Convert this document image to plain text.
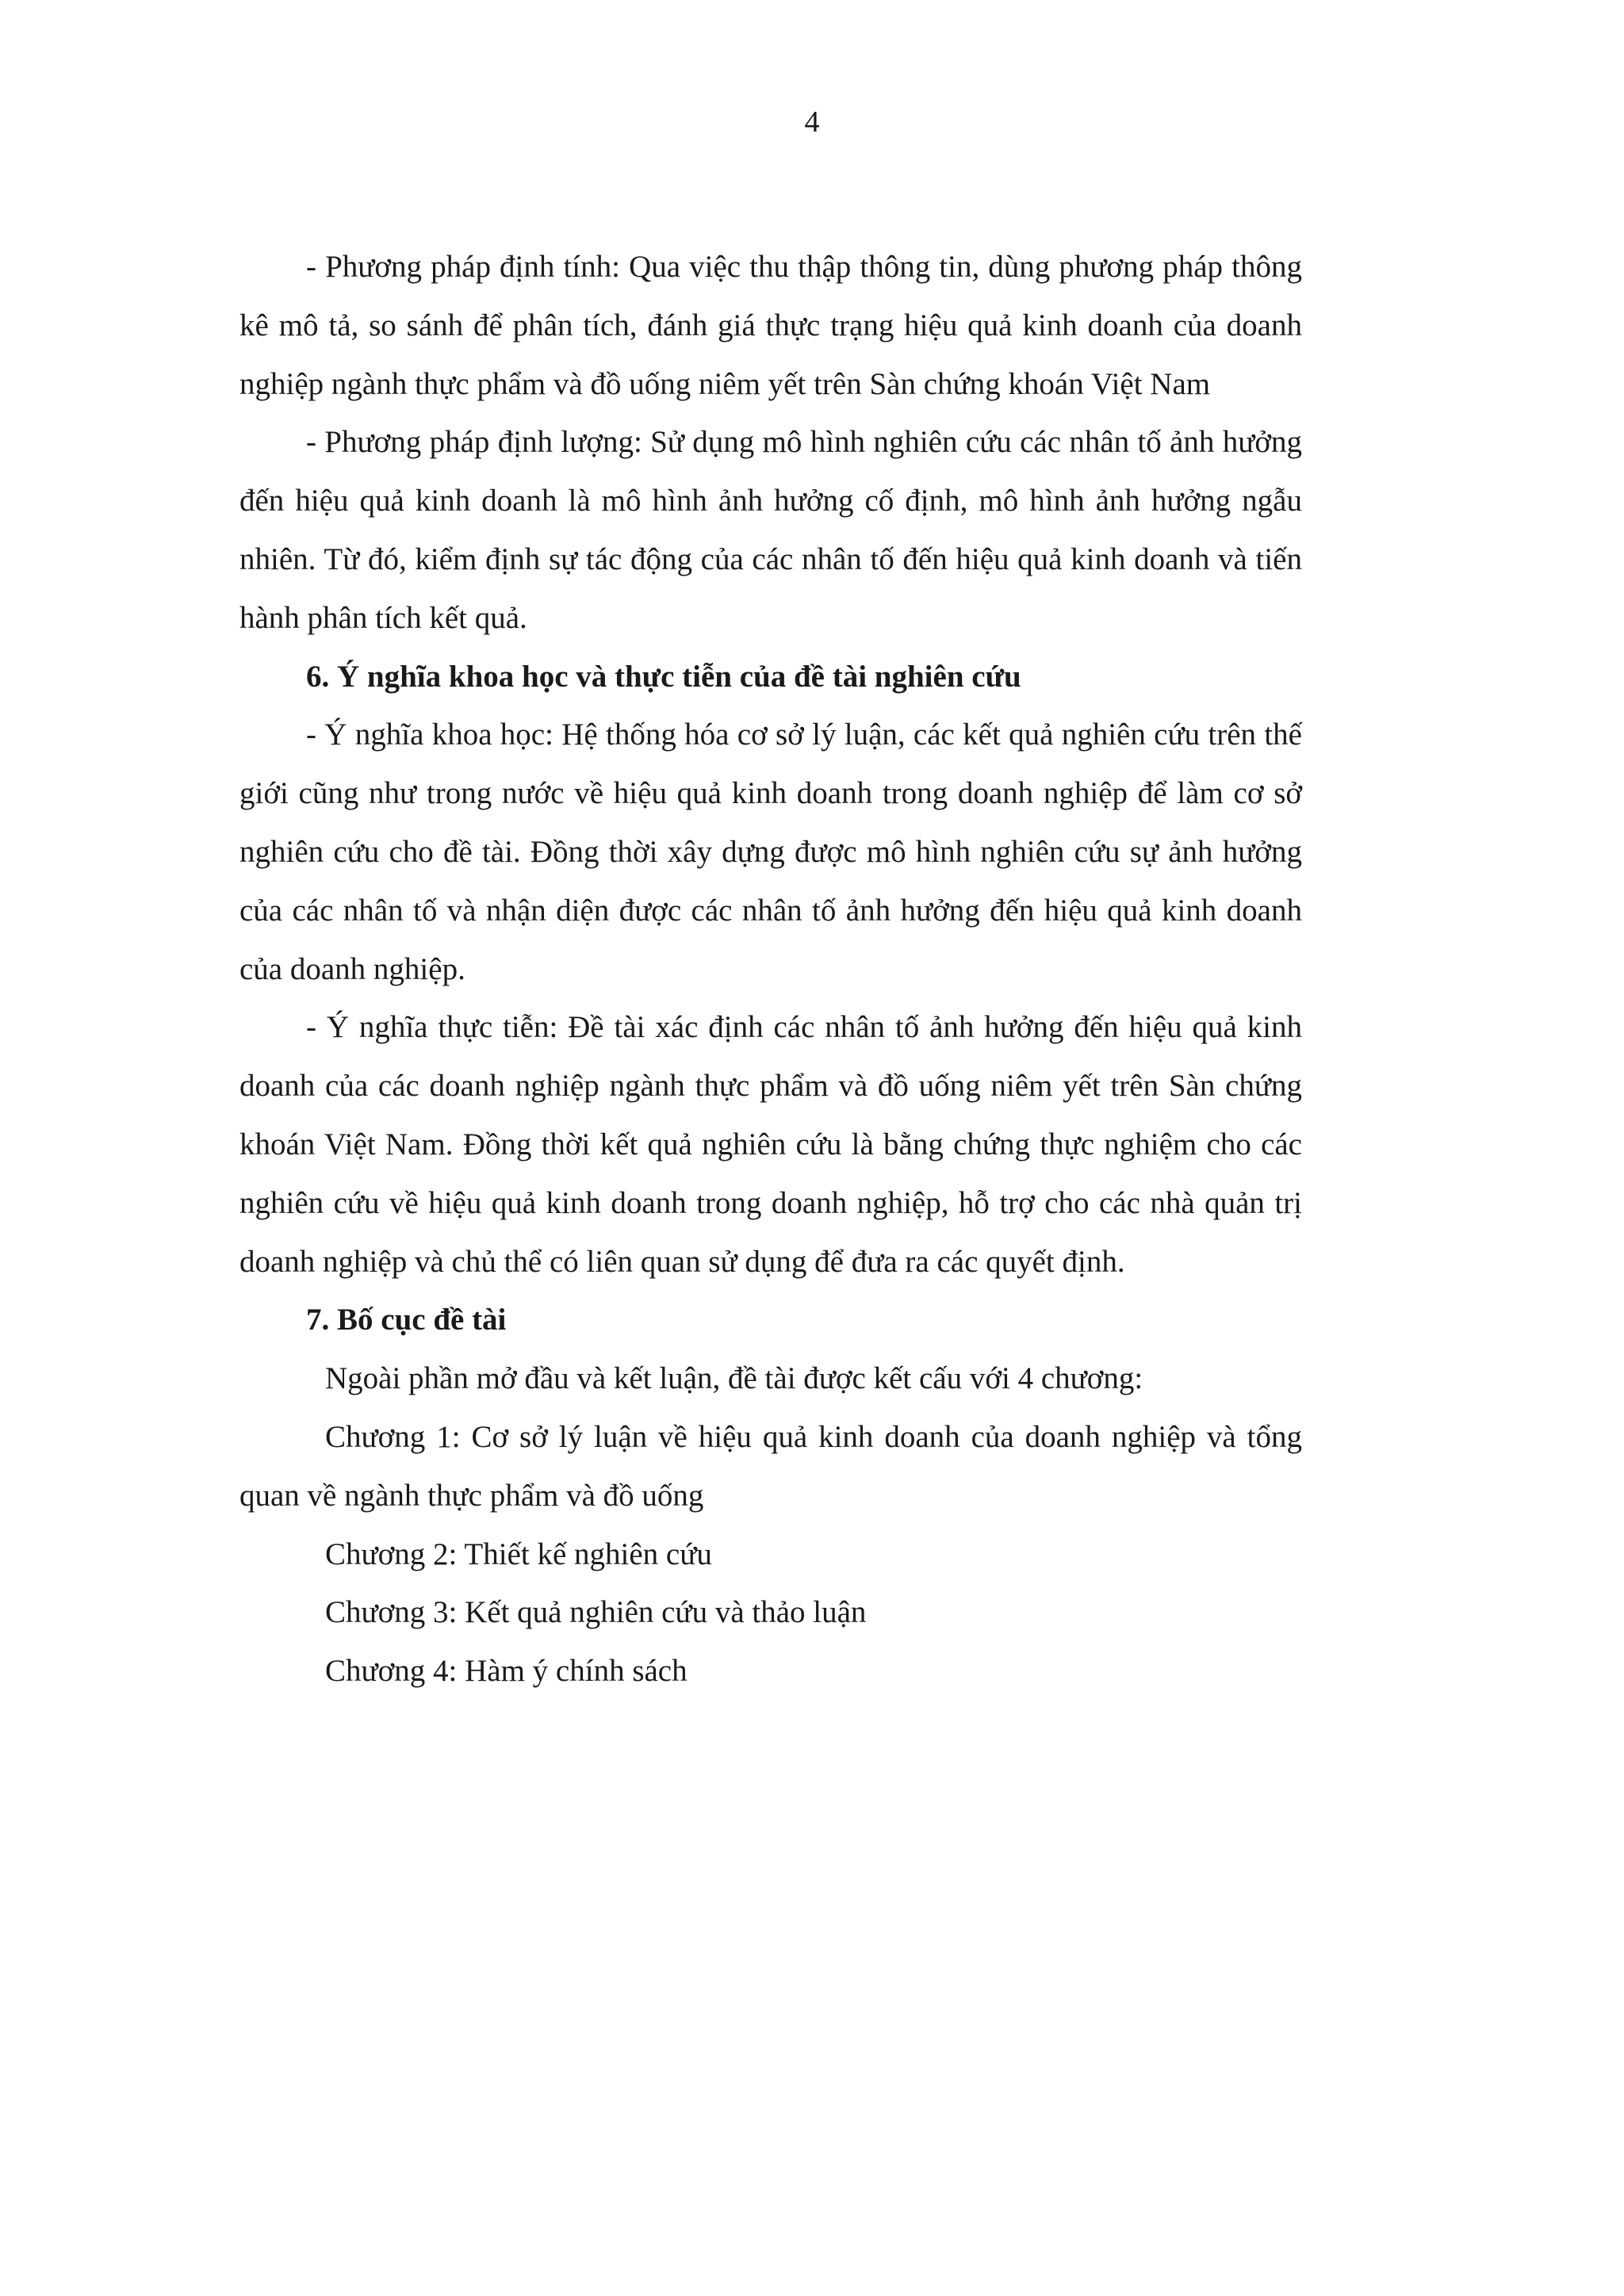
4

- Phương pháp định tính: Qua việc thu thập thông tin, dùng phương pháp thông kê mô tả, so sánh để phân tích, đánh giá thực trạng hiệu quả kinh doanh của doanh nghiệp ngành thực phẩm và đồ uống niêm yết trên Sàn chứng khoán Việt Nam

- Phương pháp định lượng: Sử dụng mô hình nghiên cứu các nhân tố ảnh hưởng đến hiệu quả kinh doanh là mô hình ảnh hưởng cố định, mô hình ảnh hưởng ngẫu nhiên. Từ đó, kiểm định sự tác động của các nhân tố đến hiệu quả kinh doanh và tiến hành phân tích kết quả.

6. Ý nghĩa khoa học và thực tiễn của đề tài nghiên cứu

- Ý nghĩa khoa học: Hệ thống hóa cơ sở lý luận, các kết quả nghiên cứu trên thế giới cũng như trong nước về hiệu quả kinh doanh trong doanh nghiệp để làm cơ sở nghiên cứu cho đề tài. Đồng thời xây dựng được mô hình nghiên cứu sự ảnh hưởng của các nhân tố và nhận diện được các nhân tố ảnh hưởng đến hiệu quả kinh doanh của doanh nghiệp.

- Ý nghĩa thực tiễn: Đề tài xác định các nhân tố ảnh hưởng đến hiệu quả kinh doanh của các doanh nghiệp ngành thực phẩm và đồ uống niêm yết trên Sàn chứng khoán Việt Nam. Đồng thời kết quả nghiên cứu là bằng chứng thực nghiệm cho các nghiên cứu về hiệu quả kinh doanh trong doanh nghiệp, hỗ trợ cho các nhà quản trị doanh nghiệp và chủ thể có liên quan sử dụng để đưa ra các quyết định.

7. Bố cục đề tài

Ngoài phần mở đầu và kết luận, đề tài được kết cấu với 4 chương:

Chương 1: Cơ sở lý luận về hiệu quả kinh doanh của doanh nghiệp và tổng quan về ngành thực phẩm và đồ uống
Chương 2: Thiết kế nghiên cứu
Chương 3: Kết quả nghiên cứu và thảo luận
Chương 4: Hàm ý chính sách
